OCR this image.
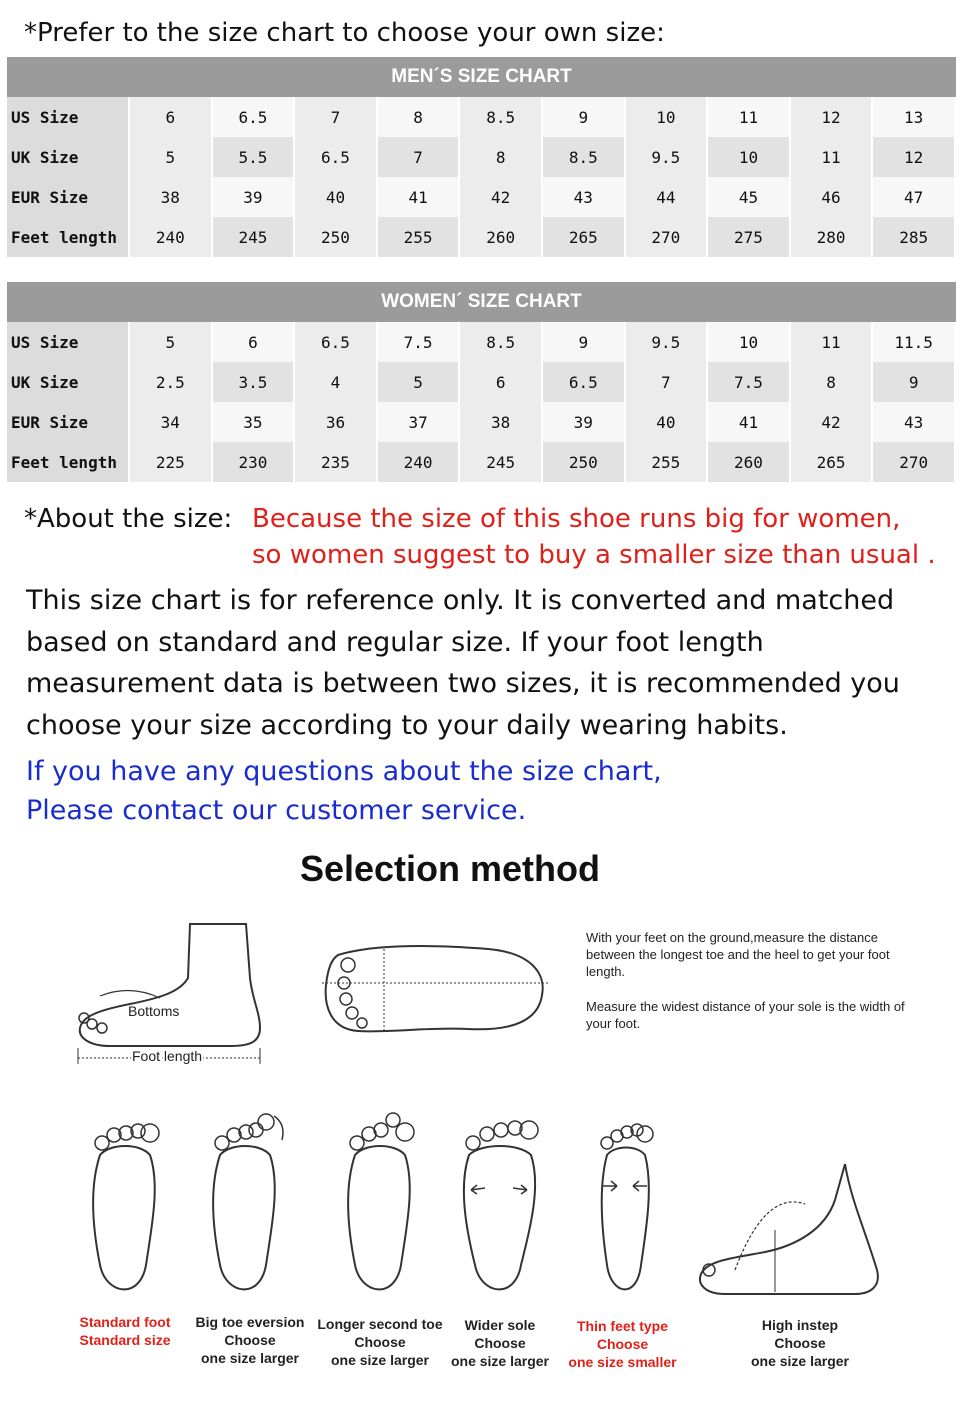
*Prefer to the size chart to choose your own size:
MEN´S SIZE CHART
US Size	6	6.5	7	8	8.5	9	10	11	12	13
UK Size	5	5.5	6.5	7	8	8.5	9.5	10	11	12
EUR Size	38	39	40	41	42	43	44	45	46	47
Feet length	240	245	250	255	260	265	270	275	280	285
WOMEN´ SIZE CHART
US Size	5	6	6.5	7.5	8.5	9	9.5	10	11	11.5
UK Size	2.5	3.5	4	5	6	6.5	7	7.5	8	9
EUR Size	34	35	36	37	38	39	40	41	42	43
Feet length	225	230	235	240	245	250	255	260	265	270
*About the size: Because the size of this shoe runs big for women,
so women suggest to buy a smaller size than usual .
This size chart is for reference only. It is converted and matched based on standard and regular size. If your foot length measurement data is between two sizes, it is recommended you choose your size according to your daily wearing habits.
If you have any questions about the size chart,
Please contact our customer service.
Selection method
Bottoms
Foot length
With your feet on the ground,measure the distance between the longest toe and the heel to get your foot length.
Measure the widest distance of your sole is the width of your foot.
Standard foot
Standard size
Big toe eversion
Choose
one size larger
Longer second toe
Choose
one size larger
Wider sole
Choose
one size larger
Thin feet type
Choose
one size smaller
High instep
Choose
one size larger
